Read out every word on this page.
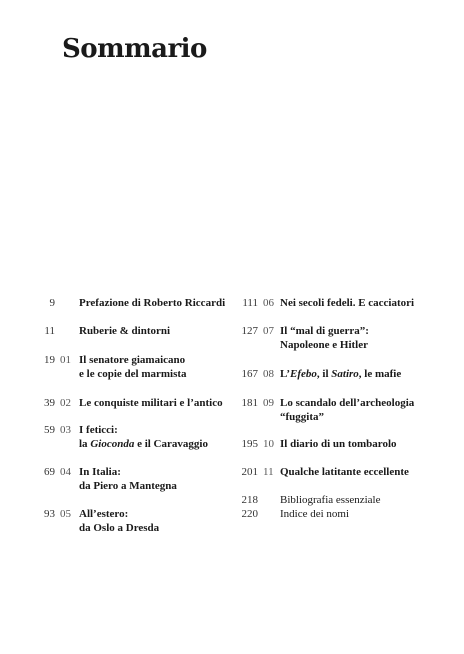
Sommario
9 Prefazione di Roberto Riccardi
11 Ruberie & dintorni
19 01 Il senatore giamaicano
e le copie del marmista
39 02 Le conquiste militari e l’antico
59 03 I feticci:
la Gioconda e il Caravaggio
69 04 In Italia:
da Piero a Mantegna
93 05 All’estero:
da Oslo a Dresda
111 06 Nei secoli fedeli. E cacciatori
127 07 Il “mal di guerra”:
Napoleone e Hitler
167 08 L’Efebo, il Satiro, le mafie
181 09 Lo scandalo dell’archeologia
“fuggita”
195 10 Il diario di un tombarolo
201 11 Qualche latitante eccellente
218 Bibliografia essenziale
220 Indice dei nomi
